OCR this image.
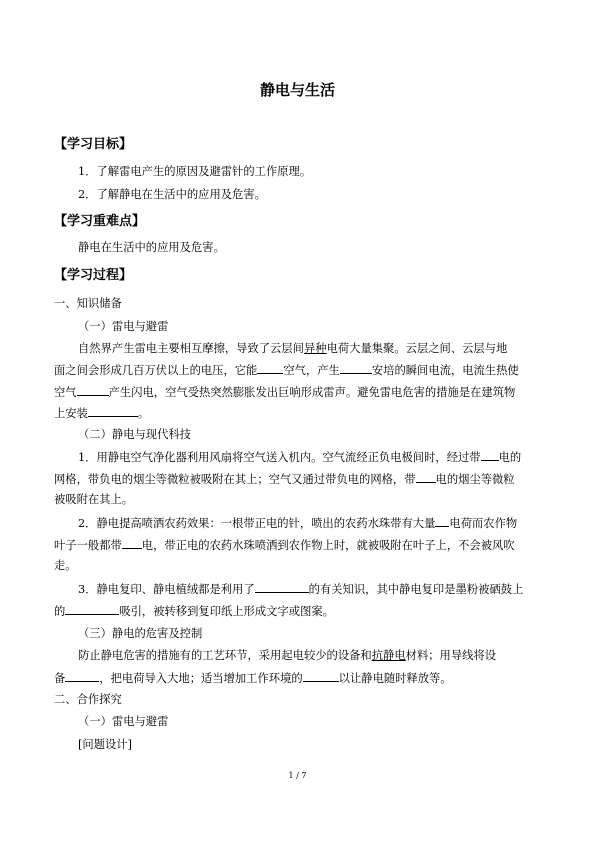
静电与生活
【学习目标】

1．了解雷电产生的原因及避雷针的工作原理。

2．了解静电在生活中的应用及危害。

【学习重难点】

静电在生活中的应用及危害。

【学习过程】

一、知识储备

（一）雷电与避雷

自然界产生雷电主要相互摩擦，导致了云层间异种电荷大量集聚。云层之间、云层与地

面之间会形成几百万伏以上的电压，它能 空气，产生	安培的瞬间电流，电流生热使

空气	产生闪电，空气受热突然膨胀发出巨响形成雷声。避免雷电危害的措施是在建筑物

上安装	。

（二）静电与现代科技

1．用静电空气净化器利用风扇将空气送入机内。空气流经正负电极间时，经过带 电的

网格，带负电的烟尘等微粒被吸附在其上；空气又通过带负电的网格，带 电的烟尘等微粒

被吸附在其上。

2．静电提高喷洒农药效果：一根带正电的针，喷出的农药水珠带有大量 电荷而农作物

叶子一般都带 电，带正电的农药水珠喷洒到农作物上时，就被吸附在叶子上，不会被风吹

走。

3．静电复印、静电植绒都是利用了	的有关知识，其中静电复印是墨粉被硒鼓上

的	吸引，被转移到复印纸上形成文字或图案。

（三）静电的危害及控制

防止静电危害的措施有的工艺环节，采用起电较少的设备和抗静电材料；用导线将设

备	，把电荷导入大地；适当增加工作环境的	以让静电随时释放等。

二、合作探究

（一）雷电与避雷

[问题设计]

1 / 7
